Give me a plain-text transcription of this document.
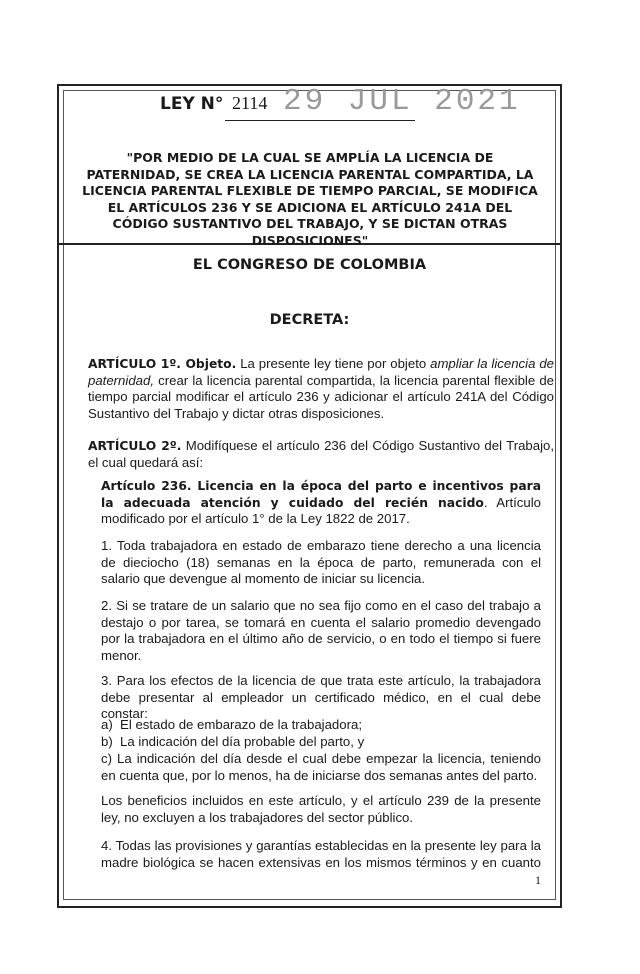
LEY N° 2114 29 JUL 2021
"POR MEDIO DE LA CUAL SE AMPLÍA LA LICENCIA DE PATERNIDAD, SE CREA LA LICENCIA PARENTAL COMPARTIDA, LA LICENCIA PARENTAL FLEXIBLE DE TIEMPO PARCIAL, SE MODIFICA EL ARTÍCULOS 236 Y SE ADICIONA EL ARTÍCULO 241A DEL CÓDIGO SUSTANTIVO DEL TRABAJO, Y SE DICTAN OTRAS DISPOSICIONES"
EL CONGRESO DE COLOMBIA
DECRETA:
ARTÍCULO 1º. Objeto. La presente ley tiene por objeto ampliar la licencia de paternidad, crear la licencia parental compartida, la licencia parental flexible de tiempo parcial modificar el artículo 236 y adicionar el artículo 241A del Código Sustantivo del Trabajo y dictar otras disposiciones.
ARTÍCULO 2º. Modifíquese el artículo 236 del Código Sustantivo del Trabajo, el cual quedará así:
Artículo 236. Licencia en la época del parto e incentivos para la adecuada atención y cuidado del recién nacido. Artículo modificado por el artículo 1° de la Ley 1822 de 2017.
1. Toda trabajadora en estado de embarazo tiene derecho a una licencia de dieciocho (18) semanas en la época de parto, remunerada con el salario que devengue al momento de iniciar su licencia.
2. Si se tratare de un salario que no sea fijo como en el caso del trabajo a destajo o por tarea, se tomará en cuenta el salario promedio devengado por la trabajadora en el último año de servicio, o en todo el tiempo si fuere menor.
3. Para los efectos de la licencia de que trata este artículo, la trabajadora debe presentar al empleador un certificado médico, en el cual debe constar:
a)  El estado de embarazo de la trabajadora;
b)  La indicación del día probable del parto, y
c) La indicación del día desde el cual debe empezar la licencia, teniendo en cuenta que, por lo menos, ha de iniciarse dos semanas antes del parto.
Los beneficios incluidos en este artículo, y el artículo 239 de la presente ley, no excluyen a los trabajadores del sector público.
4. Todas las provisiones y garantías establecidas en la presente ley para la madre biológica se hacen extensivas en los mismos términos y en cuanto
1
